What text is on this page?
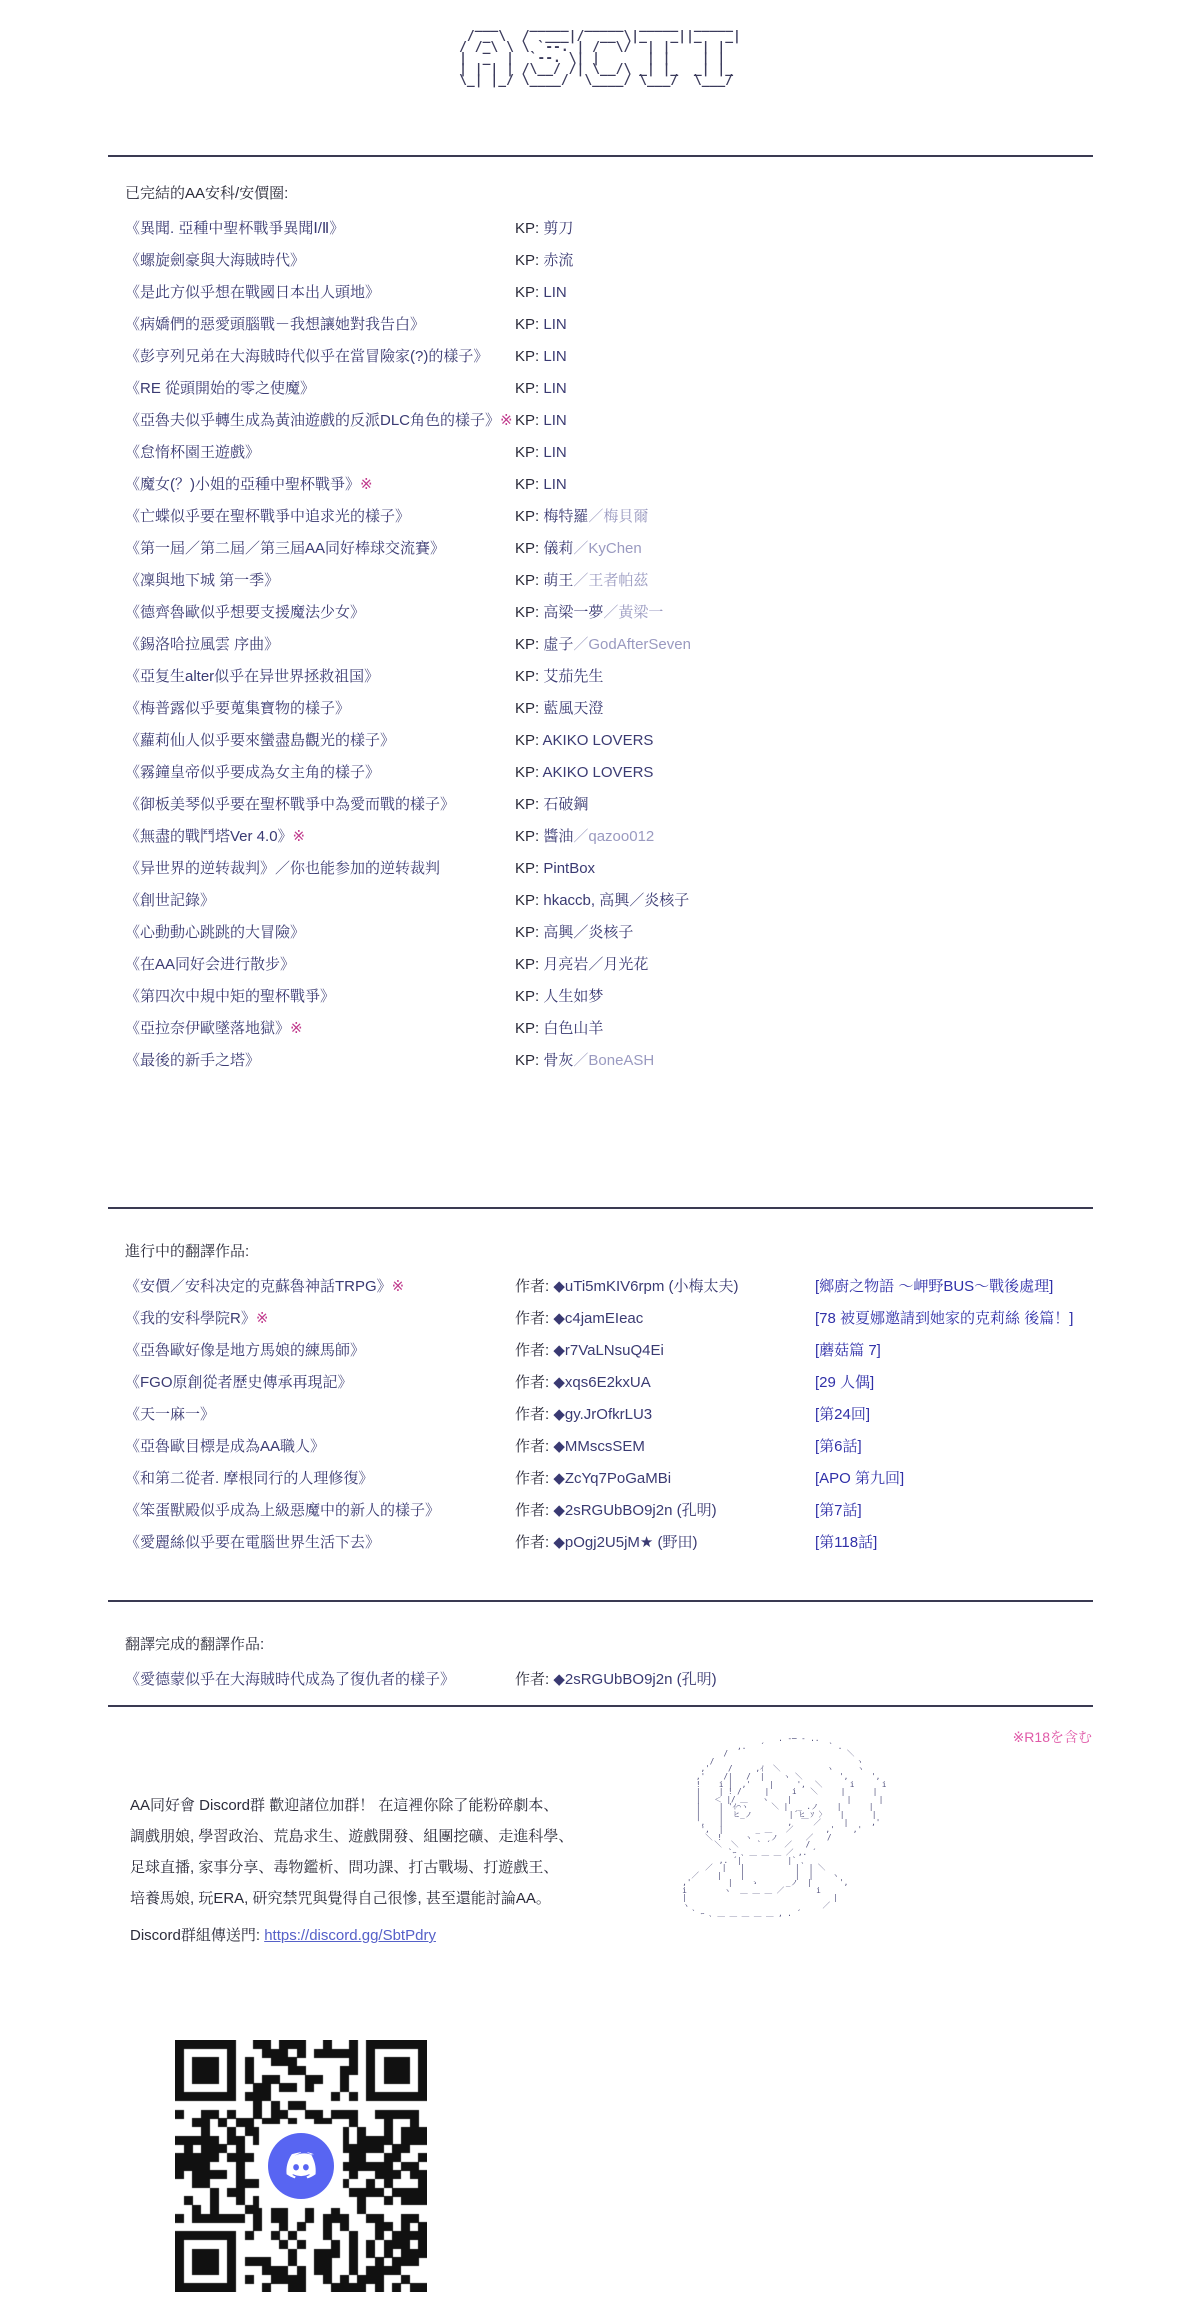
___    _____  _____  _____  _____
/ _ \  /  ___|/  __ \|_   _||_   _|
/ /_\ \ \ `--. | /  \/  | |    | |
|  _  |  `--. \| |      | |    | |
| | | | /\__/ /| \__/\ _| |_  _| |_
\_| |_/ \____/  \____/ \___/  \___/
已完結的AA安科/安價圈:
《異聞. 亞種中聖杯戰爭異聞Ⅰ/Ⅱ》	KP: 剪刀
《螺旋劍豪與大海賊時代》	KP: 赤流
《是此方似乎想在戰國日本出人頭地》	KP: LIN
《病嬌們的惡愛頭腦戰－我想讓她對我告白》	KP: LIN
《彭亨列兄弟在大海賊時代似乎在當冒險家(?)的樣子》	KP: LIN
《RE 從頭開始的零之使魔》	KP: LIN
《亞魯夫似乎轉生成為黃油遊戲的反派DLC角色的樣子》※ KP: LIN
《怠惰杯園王遊戲》	KP: LIN
《魔女(？)小姐的亞種中聖杯戰爭》※	KP: LIN
《亡蝶似乎要在聖杯戰爭中追求光的樣子》	KP: 梅特羅／梅貝爾
《第一屆／第二屆／第三屆AA同好棒球交流賽》	KP: 儀莉／KyChen
《凜與地下城 第一季》	KP: 萌王／王者帕茲
《德齊魯歐似乎想要支援魔法少女》	KP: 高梁一夢／黃梁一
《錫洛哈拉風雲 序曲》	KP: 虛子／GodAfterSeven
《亞复生alter似乎在异世界拯救祖国》	KP: 艾茄先生
《梅普露似乎要蒐集寶物的樣子》	KP: 藍風天澄
《蘿莉仙人似乎要來蠻盡島觀光的樣子》	KP: AKIKO LOVERS
《霧鐘皇帝似乎要成為女主角的樣子》	KP: AKIKO LOVERS
《御板美琴似乎要在聖杯戰爭中為愛而戰的樣子》	KP: 石破鋼
《無盡的戰鬥塔Ver 4.0》※	KP: 醬油／qazoo012
《异世界的逆转裁判》／你也能参加的逆转裁判	KP: PintBox
《創世記錄》	KP: hkaccb, 高興／炎核子
《心動動心跳跳的大冒險》	KP: 高興／炎核子
《在AA同好会进行散步》	KP: 月亮岩／月光花
《第四次中規中矩的聖杯戰爭》	KP: 人生如梦
《亞拉奈伊歐墜落地獄》※	KP: 白色山羊
《最後的新手之塔》	KP: 骨灰／BoneASH
進行中的翻譯作品:
《安價／安科决定的克蘇魯神話TRPG》※	作者: ◆uTi5mKIV6rpm (小梅太夫)	[鄉廚之物語 〜岬野BUS〜戰後處理]
《我的安科學院R》※	作者: ◆c4jamEIeac	[78 被夏娜邀請到她家的克莉絲 後篇！]
《亞魯歐好像是地方馬娘的練馬師》	作者: ◆r7VaLNsuQ4Ei	[蘑菇篇 7]
《FGO原創從者歷史傳承再現記》	作者: ◆xqs6E2kxUA	[29 人偶]
《天一麻一》	作者: ◆gy.JrOfkrLU3	[第24回]
《亞魯歐目標是成為AA職人》	作者: ◆MMscsSEM	[第6話]
《和第二從者. 摩根同行的人理修復》	作者: ◆ZcYq7PoGaMBi	[APO 第九回]
《笨蛋獸殿似乎成為上級惡魔中的新人的樣子》	作者: ◆2sRGUbBO9j2n (孔明)	[第7話]
《愛麗絲似乎要在電腦世界生活下去》	作者: ◆pOgj2U5jM★ (野田)	[第118話]
翻譯完成的翻譯作品:
《愛德蒙似乎在大海賊時代成為了復仇者的樣子》	作者: ◆2sRGUbBO9j2n (孔明)
※R18を含む
AA同好會 Discord群 歡迎諸位加群！ 在這裡你除了能粉碎劇本、
調戲朋娘, 學習政治、荒島求生、遊戲開發、組團挖礦、走進科學、
足球直播, 家事分享、毒物鑑析、問功課、打古戰場、打遊戲王、
培養馬娘, 玩ERA, 研究禁咒與覺得自己很慘, 甚至還能討論AA。
Discord群組傳送門: https://discord.gg/SbtPdry
. -─ - ..
,.   ´              ` .
/                          ＼
/                               ヽ
,'    /     ,ｲ  ＼          ヽ     ヽ
,'    /|   /  |    ヽ ＼        ',     ',
!    i |  ,'    |     ',  ＼      i      i
|    | ! /     |     i   ＼     |      |
|   ＜ |/ ＿   ヽ    |            |      |
|    | 'ｲ⌒ヽ     ＼ |  _ .ノ    |      |
|    |  ヒ_ノ        |´ヒ ｿ 〉   |      |
',   |              ,  ￣ ／     |     ,'
',  |       _ ＿   ／       ,'    ,'
＼ !     ヽ    ノ      ／   /
＼  ＼    ` ´   ／   /
`ｰ ､ ＿ ＿ ＿ ／ ,. ´
,. ´|          |` ､
／  |   |           |  | ＼
／    |    |           |  |    ヽ
,'        |    ゝ      _ノ  |      ',
i        ヽ  ＿ ＿ ＿ ／       i
|                                |
ヽ                             ／
` ｰ ､ ＿ ＿ ＿ ＿ ＿ , . ´
